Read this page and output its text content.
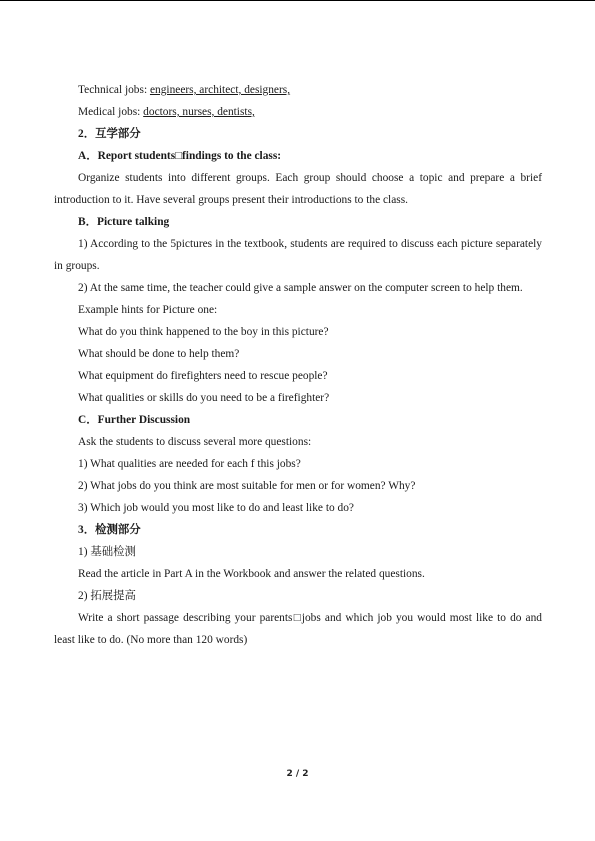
Technical jobs: engineers, architect, designers,

Medical jobs: doctors, nurses, dentists,

2．互学部分

A．Report students□findings to the class:

Organize students into different groups. Each group should choose a topic and prepare a brief introduction to it. Have several groups present their introductions to the class.

B．Picture talking

1) According to the 5pictures in the textbook, students are required to discuss each picture separately in groups.

2) At the same time, the teacher could give a sample answer on the computer screen to help them.

Example hints for Picture one:

What do you think happened to the boy in this picture?

What should be done to help them?

What equipment do firefighters need to rescue people?

What qualities or skills do you need to be a firefighter?

C．Further Discussion

Ask the students to discuss several more questions:

1) What qualities are needed for each f this jobs?

2) What jobs do you think are most suitable for men or for women? Why?

3) Which job would you most like to do and least like to do?

3．检测部分

1) 基础检测

Read the article in Part A in the Workbook and answer the related questions.

2) 拓展提高

Write a short passage describing your parents□jobs and which job you would most like to do and least like to do. (No more than 120 words)

2 / 2
